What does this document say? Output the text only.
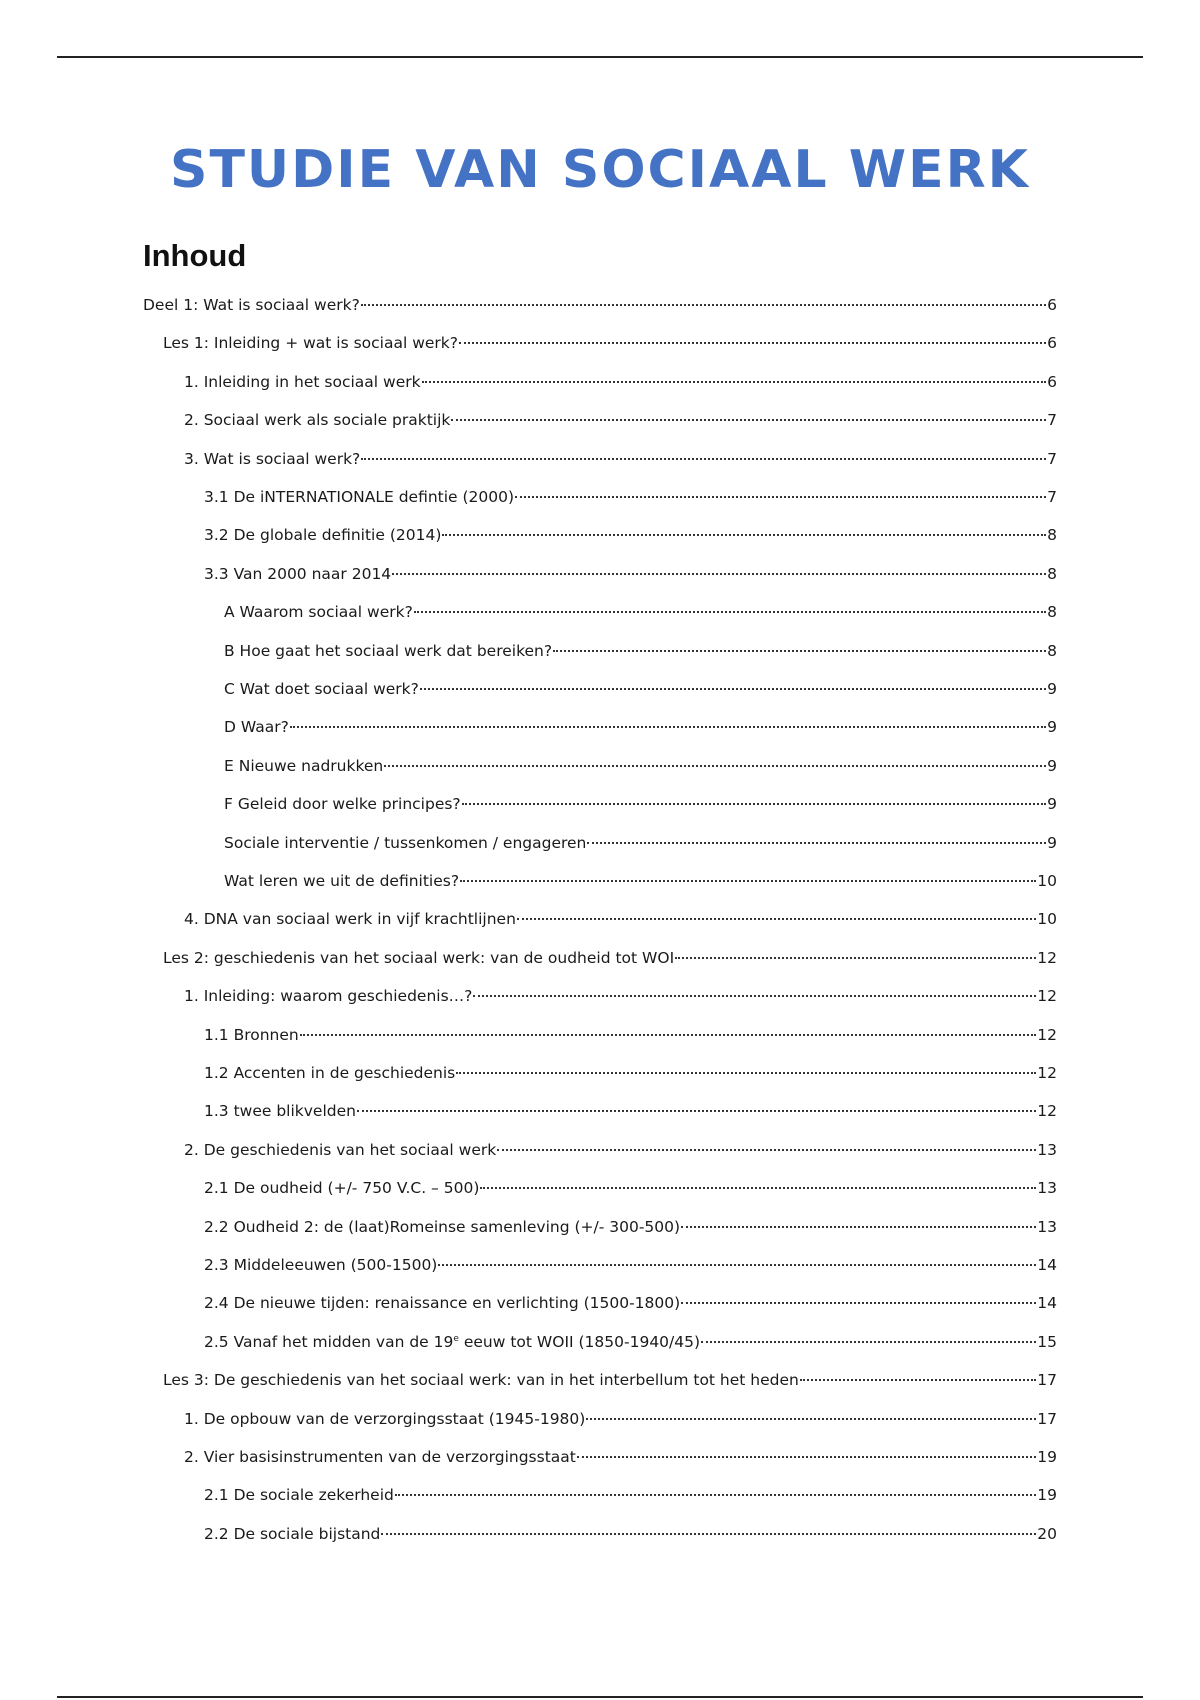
STUDIE VAN SOCIAAL WERK
Inhoud
Deel 1: Wat is sociaal werk?	6
Les 1: Inleiding + wat is sociaal werk?	6
1. Inleiding in het sociaal werk	6
2. Sociaal werk als sociale praktijk	7
3. Wat is sociaal werk?	7
3.1 De iNTERNATIONALE defintie (2000)	7
3.2 De globale definitie (2014)	8
3.3 Van 2000 naar 2014	8
A Waarom sociaal werk?	8
B Hoe gaat het sociaal werk dat bereiken?	8
C Wat doet sociaal werk?	9
D Waar?	9
E Nieuwe nadrukken	9
F Geleid door welke principes?	9
Sociale interventie / tussenkomen / engageren	9
Wat leren we uit de definities?	10
4. DNA van sociaal werk in vijf krachtlijnen	10
Les 2: geschiedenis van het sociaal werk: van de oudheid tot WOI	12
1. Inleiding: waarom geschiedenis…?	12
1.1 Bronnen	12
1.2 Accenten in de geschiedenis	12
1.3 twee blikvelden	12
2. De geschiedenis van het sociaal werk	13
2.1 De oudheid (+/- 750 V.C. – 500)	13
2.2 Oudheid 2: de (laat)Romeinse samenleving (+/- 300-500)	13
2.3 Middeleeuwen (500-1500)	14
2.4 De nieuwe tijden: renaissance en verlichting (1500-1800)	14
2.5 Vanaf het midden van de 19e eeuw tot WOII (1850-1940/45)	15
Les 3: De geschiedenis van het sociaal werk: van in het interbellum tot het heden	17
1. De opbouw van de verzorgingsstaat (1945-1980)	17
2. Vier basisinstrumenten van de verzorgingsstaat	19
2.1 De sociale zekerheid	19
2.2 De sociale bijstand	20
